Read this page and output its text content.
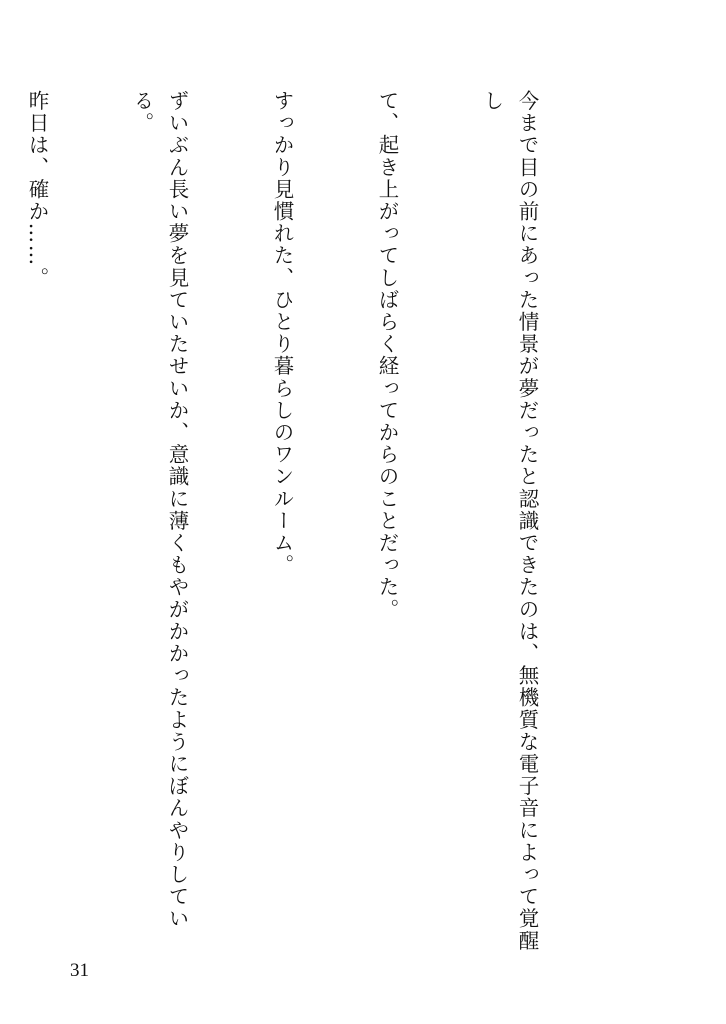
今まで目の前にあった情景が夢だったと認識できたのは、無機質な電子音によって覚醒し

て、起き上がってしばらく経ってからのことだった。

すっかり見慣れた、ひとり暮らしのワンルーム。

ずいぶん長い夢を見ていたせいか、意識に薄くもやがかかったようにぼんやりしている。

昨日は、確か……。

31
